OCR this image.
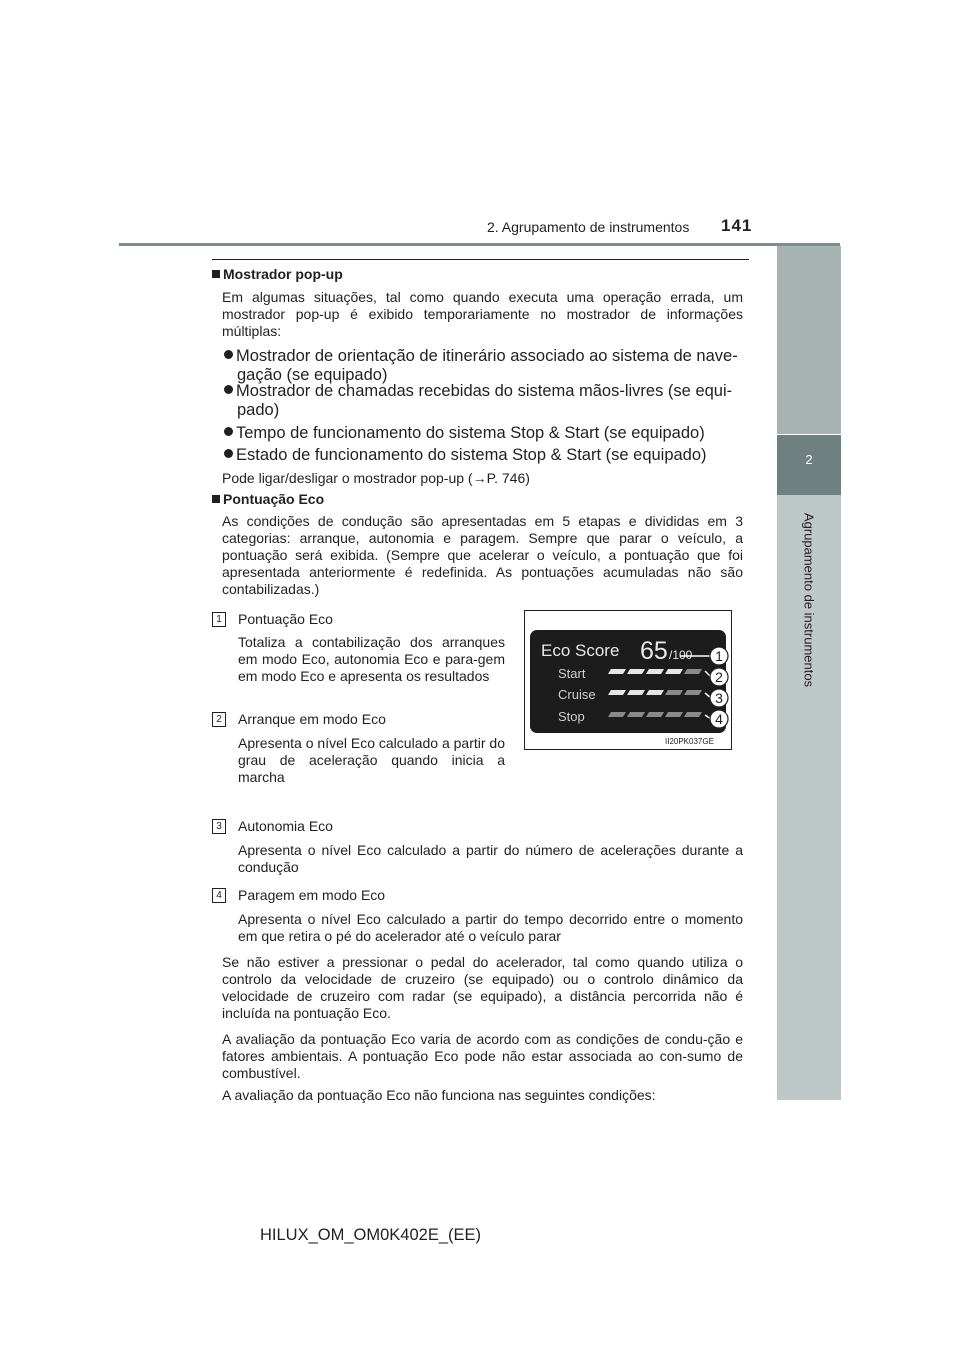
2. Agrupamento de instrumentos 141
2
Agrupamento de instrumentos
Mostrador pop-up
Em algumas situações, tal como quando executa uma operação errada, um mostrador pop-up é exibido temporariamente no mostrador de informações múltiplas:
Mostrador de orientação de itinerário associado ao sistema de nave-gação (se equipado)
Mostrador de chamadas recebidas do sistema mãos-livres (se equi-pado)
Tempo de funcionamento do sistema Stop & Start (se equipado)
Estado de funcionamento do sistema Stop & Start (se equipado)
Pode ligar/desligar o mostrador pop-up (→P. 746)
Pontuação Eco
As condições de condução são apresentadas em 5 etapas e divididas em 3 categorias: arranque, autonomia e paragem. Sempre que parar o veículo, a pontuação será exibida. (Sempre que acelerar o veículo, a pontuação que foi apresentada anteriormente é redefinida. As pontuações acumuladas não são contabilizadas.)
1	Pontuação Eco
Totaliza a contabilização dos arranques em modo Eco, autonomia Eco e para-gem em modo Eco e apresenta os resultados
2	Arranque em modo Eco
Apresenta o nível Eco calculado a partir do grau de aceleração quando inicia a marcha
Eco Score 65 /100
Start
Cruise
Stop
1
2
3
4
II20PK037GE
3	Autonomia Eco
Apresenta o nível Eco calculado a partir do número de acelerações durante a condução
4	Paragem em modo Eco
Apresenta o nível Eco calculado a partir do tempo decorrido entre o momento em que retira o pé do acelerador até o veículo parar
Se não estiver a pressionar o pedal do acelerador, tal como quando utiliza o controlo da velocidade de cruzeiro (se equipado) ou o controlo dinâmico da velocidade de cruzeiro com radar (se equipado), a distância percorrida não é incluída na pontuação Eco.
A avaliação da pontuação Eco varia de acordo com as condições de condu-ção e fatores ambientais. A pontuação Eco pode não estar associada ao con-sumo de combustível.
A avaliação da pontuação Eco não funciona nas seguintes condições:
HILUX_OM_OM0K402E_(EE)
